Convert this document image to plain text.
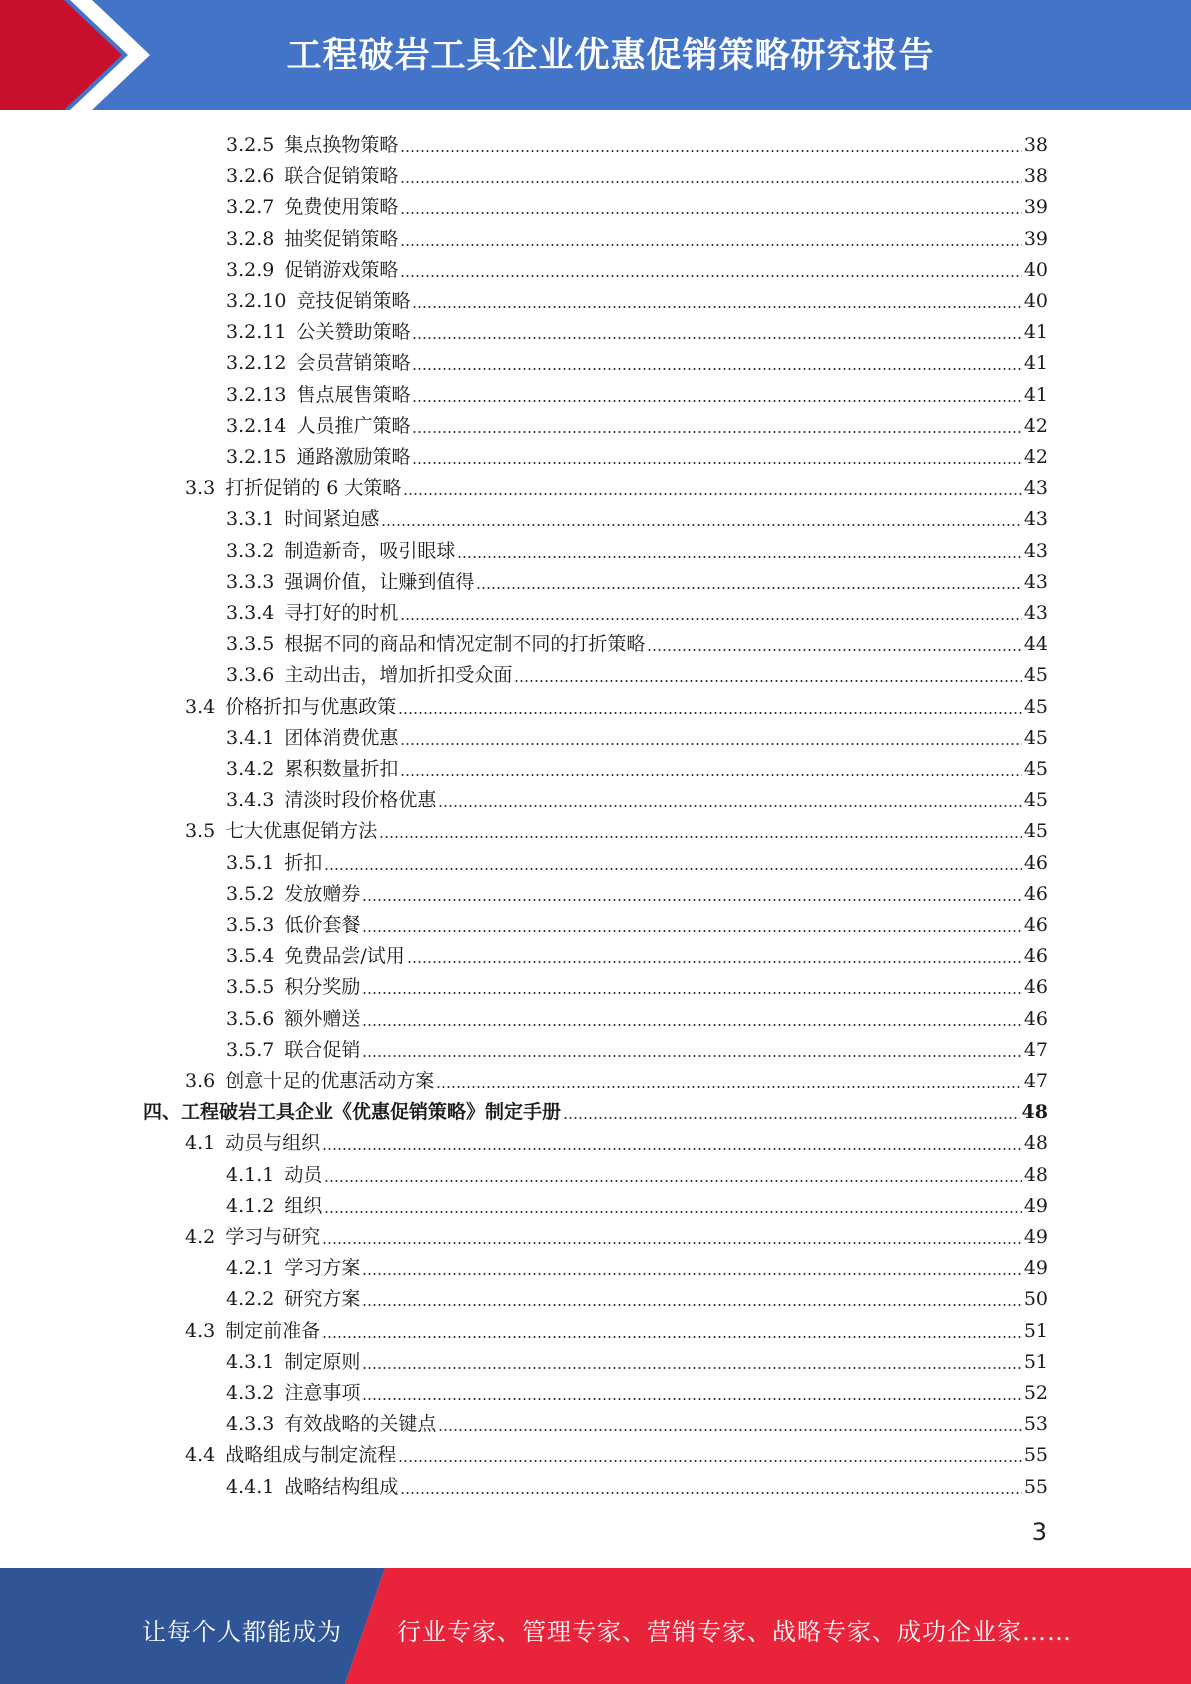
工程破岩工具企业优惠促销策略研究报告
3.2.5 集点换物策略	38
3.2.6 联合促销策略	38
3.2.7 免费使用策略	39
3.2.8 抽奖促销策略	39
3.2.9 促销游戏策略	40
3.2.10 竞技促销策略	40
3.2.11 公关赞助策略	41
3.2.12 会员营销策略	41
3.2.13 售点展售策略	41
3.2.14 人员推广策略	42
3.2.15 通路激励策略	42
3.3 打折促销的 6 大策略	43
3.3.1 时间紧迫感	43
3.3.2 制造新奇，吸引眼球	43
3.3.3 强调价值，让赚到值得	43
3.3.4 寻打好的时机	43
3.3.5 根据不同的商品和情况定制不同的打折策略	44
3.3.6 主动出击，增加折扣受众面	45
3.4 价格折扣与优惠政策	45
3.4.1 团体消费优惠	45
3.4.2 累积数量折扣	45
3.4.3 清淡时段价格优惠	45
3.5 七大优惠促销方法	45
3.5.1 折扣	46
3.5.2 发放赠券	46
3.5.3 低价套餐	46
3.5.4 免费品尝/试用	46
3.5.5 积分奖励	46
3.5.6 额外赠送	46
3.5.7 联合促销	47
3.6 创意十足的优惠活动方案	47
四、工程破岩工具企业《优惠促销策略》制定手册	48
4.1 动员与组织	48
4.1.1 动员	48
4.1.2 组织	49
4.2 学习与研究	49
4.2.1 学习方案	49
4.2.2 研究方案	50
4.3 制定前准备	51
4.3.1 制定原则	51
4.3.2 注意事项	52
4.3.3 有效战略的关键点	53
4.4 战略组成与制定流程	55
4.4.1 战略结构组成	55
3
让每个人都能成为 行业专家、管理专家、营销专家、战略专家、成功企业家……
